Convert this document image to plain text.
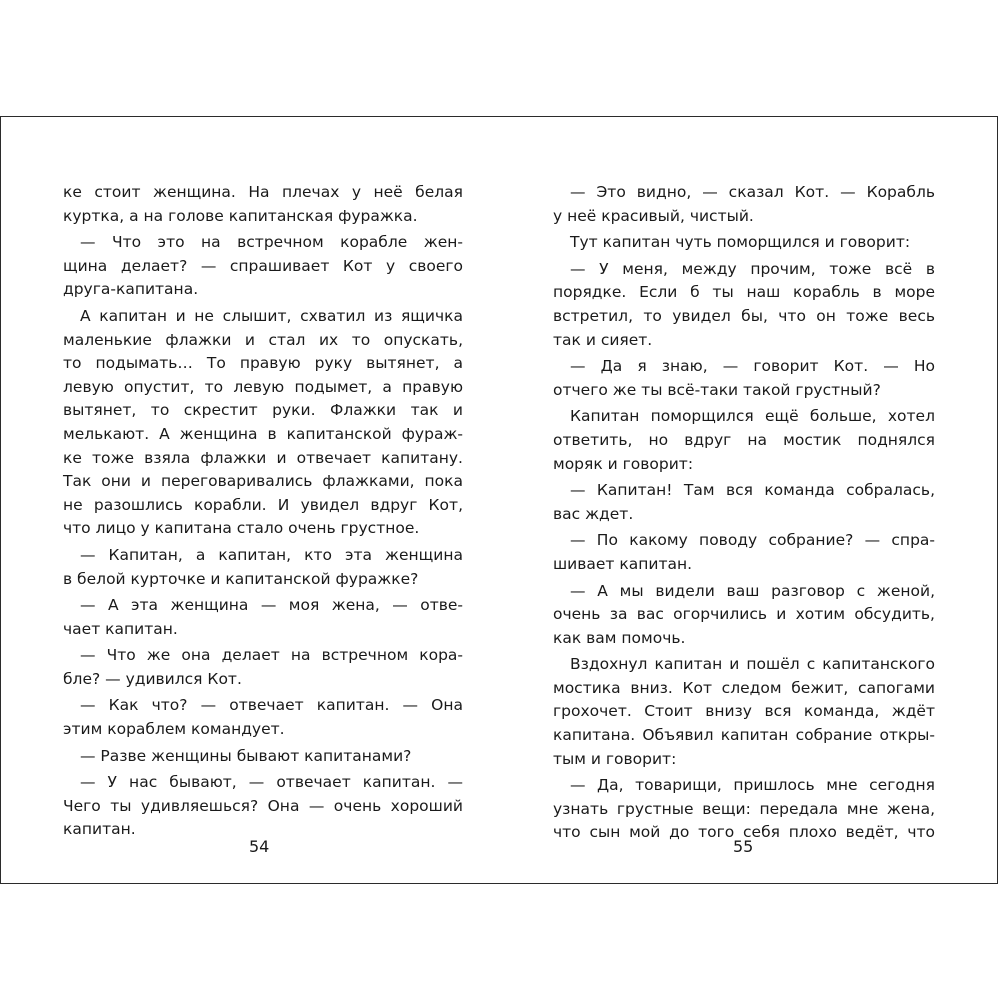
ке стоит женщина. На плечах у неё белая
куртка, а на голове капитанская фуражка.
— Что это на встречном корабле жен-
щина делает? — спрашивает Кот у своего
друга-капитана.
А капитан и не слышит, схватил из ящичка
маленькие флажки и стал их то опускать,
то подымать… То правую руку вытянет, а
левую опустит, то левую подымет, а правую
вытянет, то скрестит руки. Флажки так и
мелькают. А женщина в капитанской фураж-
ке тоже взяла флажки и отвечает капитану.
Так они и переговаривались флажками, пока
не разошлись корабли. И увидел вдруг Кот,
что лицо у капитана стало очень грустное.
— Капитан, а капитан, кто эта женщина
в белой курточке и капитанской фуражке?
— А эта женщина — моя жена, — отве-
чает капитан.
— Что же она делает на встречном кора-
бле? — удивился Кот.
— Как что? — отвечает капитан. — Она
этим кораблем командует.
— Разве женщины бывают капитанами?
— У нас бывают, — отвечает капитан. —
Чего ты удивляешься? Она — очень хороший
капитан.
— Это видно, — сказал Кот. — Корабль
у неё красивый, чистый.
Тут капитан чуть поморщился и говорит:
— У меня, между прочим, тоже всё в
порядке. Если б ты наш корабль в море
встретил, то увидел бы, что он тоже весь
так и сияет.
— Да я знаю, — говорит Кот. — Но
отчего же ты всё-таки такой грустный?
Капитан поморщился ещё больше, хотел
ответить, но вдруг на мостик поднялся
моряк и говорит:
— Капитан! Там вся команда собралась,
вас ждет.
— По какому поводу собрание? — спра-
шивает капитан.
— А мы видели ваш разговор с женой,
очень за вас огорчились и хотим обсудить,
как вам помочь.
Вздохнул капитан и пошёл с капитанского
мостика вниз. Кот следом бежит, сапогами
грохочет. Стоит внизу вся команда, ждёт
капитана. Объявил капитан собрание откры-
тым и говорит:
— Да, товарищи, пришлось мне сегодня
узнать грустные вещи: передала мне жена,
что сын мой до того себя плохо ведёт, что
54	55
